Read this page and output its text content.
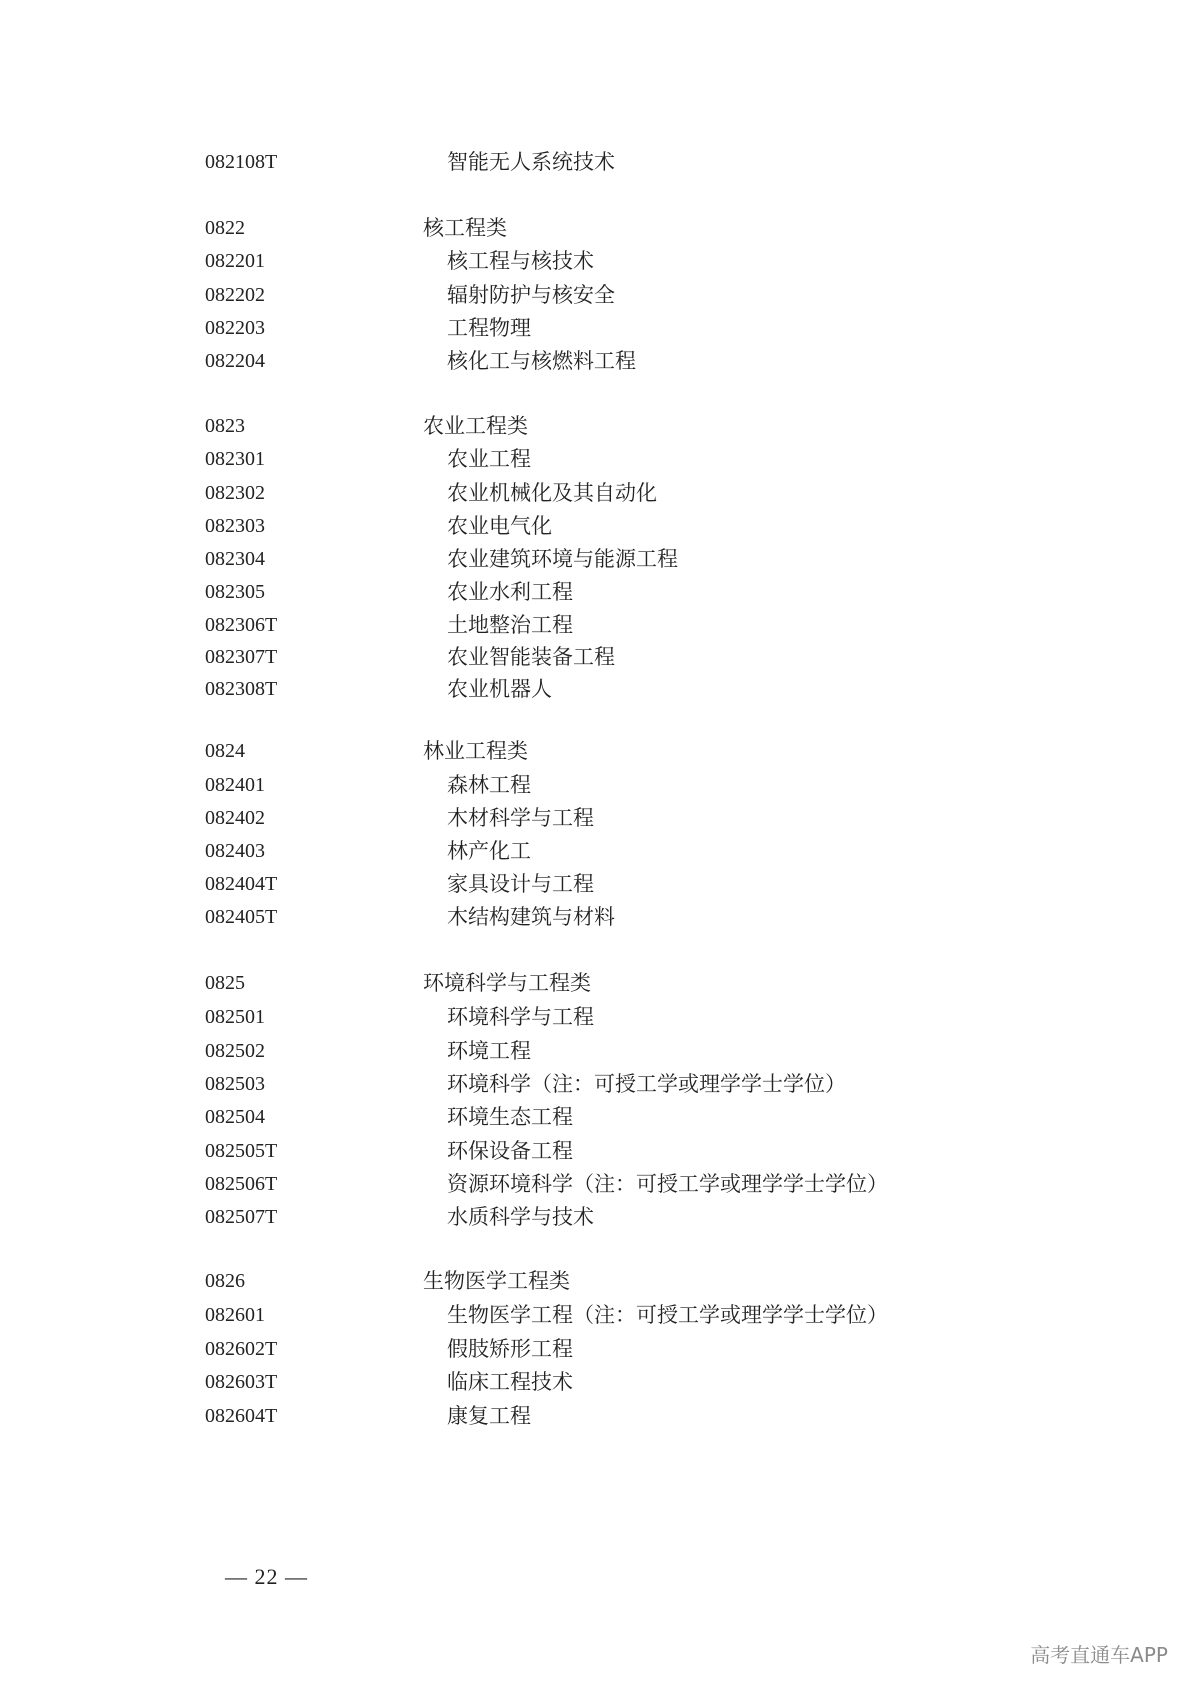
082108T	智能无人系统技术
0822	核工程类
082201	核工程与核技术
082202	辐射防护与核安全
082203	工程物理
082204	核化工与核燃料工程
0823	农业工程类
082301	农业工程
082302	农业机械化及其自动化
082303	农业电气化
082304	农业建筑环境与能源工程
082305	农业水利工程
082306T	土地整治工程
082307T	农业智能装备工程
082308T	农业机器人
0824	林业工程类
082401	森林工程
082402	木材科学与工程
082403	林产化工
082404T	家具设计与工程
082405T	木结构建筑与材料
0825	环境科学与工程类
082501	环境科学与工程
082502	环境工程
082503	环境科学（注：可授工学或理学学士学位）
082504	环境生态工程
082505T	环保设备工程
082506T	资源环境科学（注：可授工学或理学学士学位）
082507T	水质科学与技术
0826	生物医学工程类
082601	生物医学工程（注：可授工学或理学学士学位）
082602T	假肢矫形工程
082603T	临床工程技术
082604T	康复工程
— 22 —
高考直通车APP
